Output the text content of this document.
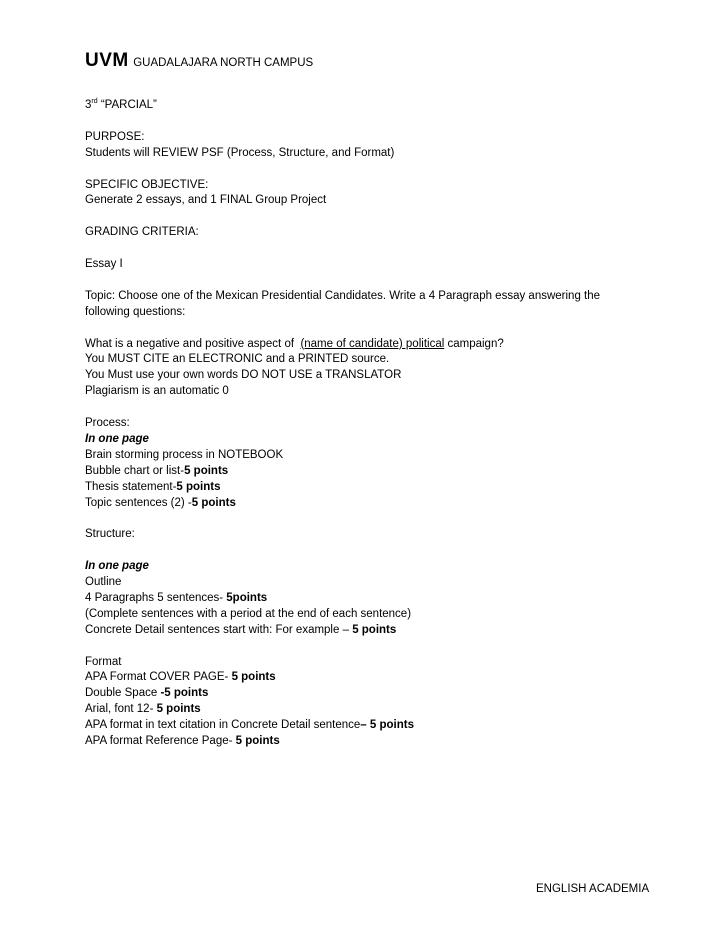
UVM GUADALAJARA NORTH CAMPUS
3rd “PARCIAL”
PURPOSE:
Students will REVIEW PSF (Process, Structure, and Format)
SPECIFIC OBJECTIVE:
Generate 2 essays, and 1 FINAL Group Project
GRADING CRITERIA:
Essay I
Topic: Choose one of the Mexican Presidential Candidates. Write a 4 Paragraph essay answering the following questions:
What is a negative and positive aspect of  (name of candidate) political campaign?
You MUST CITE an ELECTRONIC and a PRINTED source.
You Must use your own words DO NOT USE a TRANSLATOR
Plagiarism is an automatic 0
Process:
In one page
Brain storming process in NOTEBOOK
Bubble chart or list-5 points
Thesis statement-5 points
Topic sentences (2) -5 points
Structure:
In one page
Outline
4 Paragraphs 5 sentences- 5points
(Complete sentences with a period at the end of each sentence)
Concrete Detail sentences start with: For example – 5 points
Format
APA Format COVER PAGE- 5 points
Double Space -5 points
Arial, font 12- 5 points
APA format in text citation in Concrete Detail sentence– 5 points
APA format Reference Page- 5 points
ENGLISH ACADEMIA
